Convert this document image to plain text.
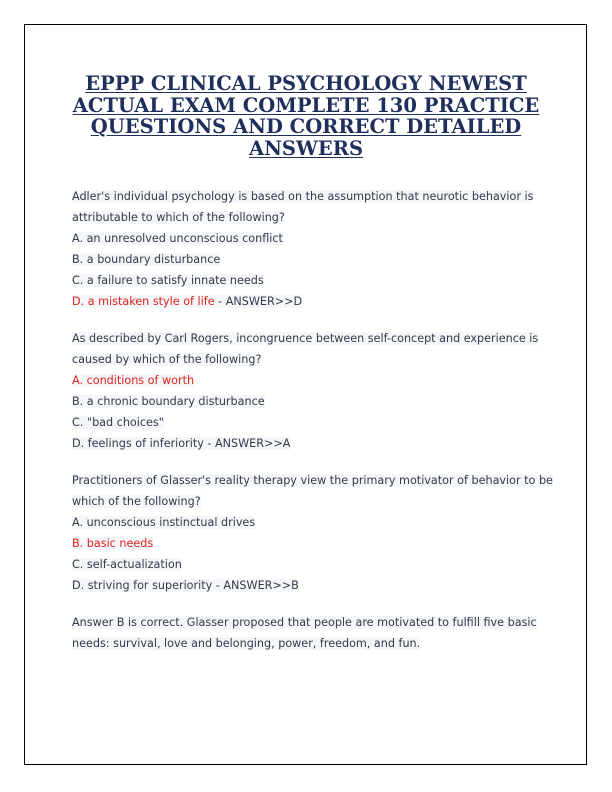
EPPP CLINICAL PSYCHOLOGY NEWEST ACTUAL EXAM COMPLETE 130 PRACTICE QUESTIONS AND CORRECT DETAILED ANSWERS
Adler's individual psychology is based on the assumption that neurotic behavior is
attributable to which of the following?
A. an unresolved unconscious conflict
B. a boundary disturbance
C. a failure to satisfy innate needs
D. a mistaken style of life - ANSWER>>D
As described by Carl Rogers, incongruence between self-concept and experience is
caused by which of the following?
A. conditions of worth
B. a chronic boundary disturbance
C. "bad choices"
D. feelings of inferiority - ANSWER>>A
Practitioners of Glasser's reality therapy view the primary motivator of behavior to be
which of the following?
A. unconscious instinctual drives
B. basic needs
C. self-actualization
D. striving for superiority - ANSWER>>B
Answer B is correct. Glasser proposed that people are motivated to fulfill five basic
needs: survival, love and belonging, power, freedom, and fun.
